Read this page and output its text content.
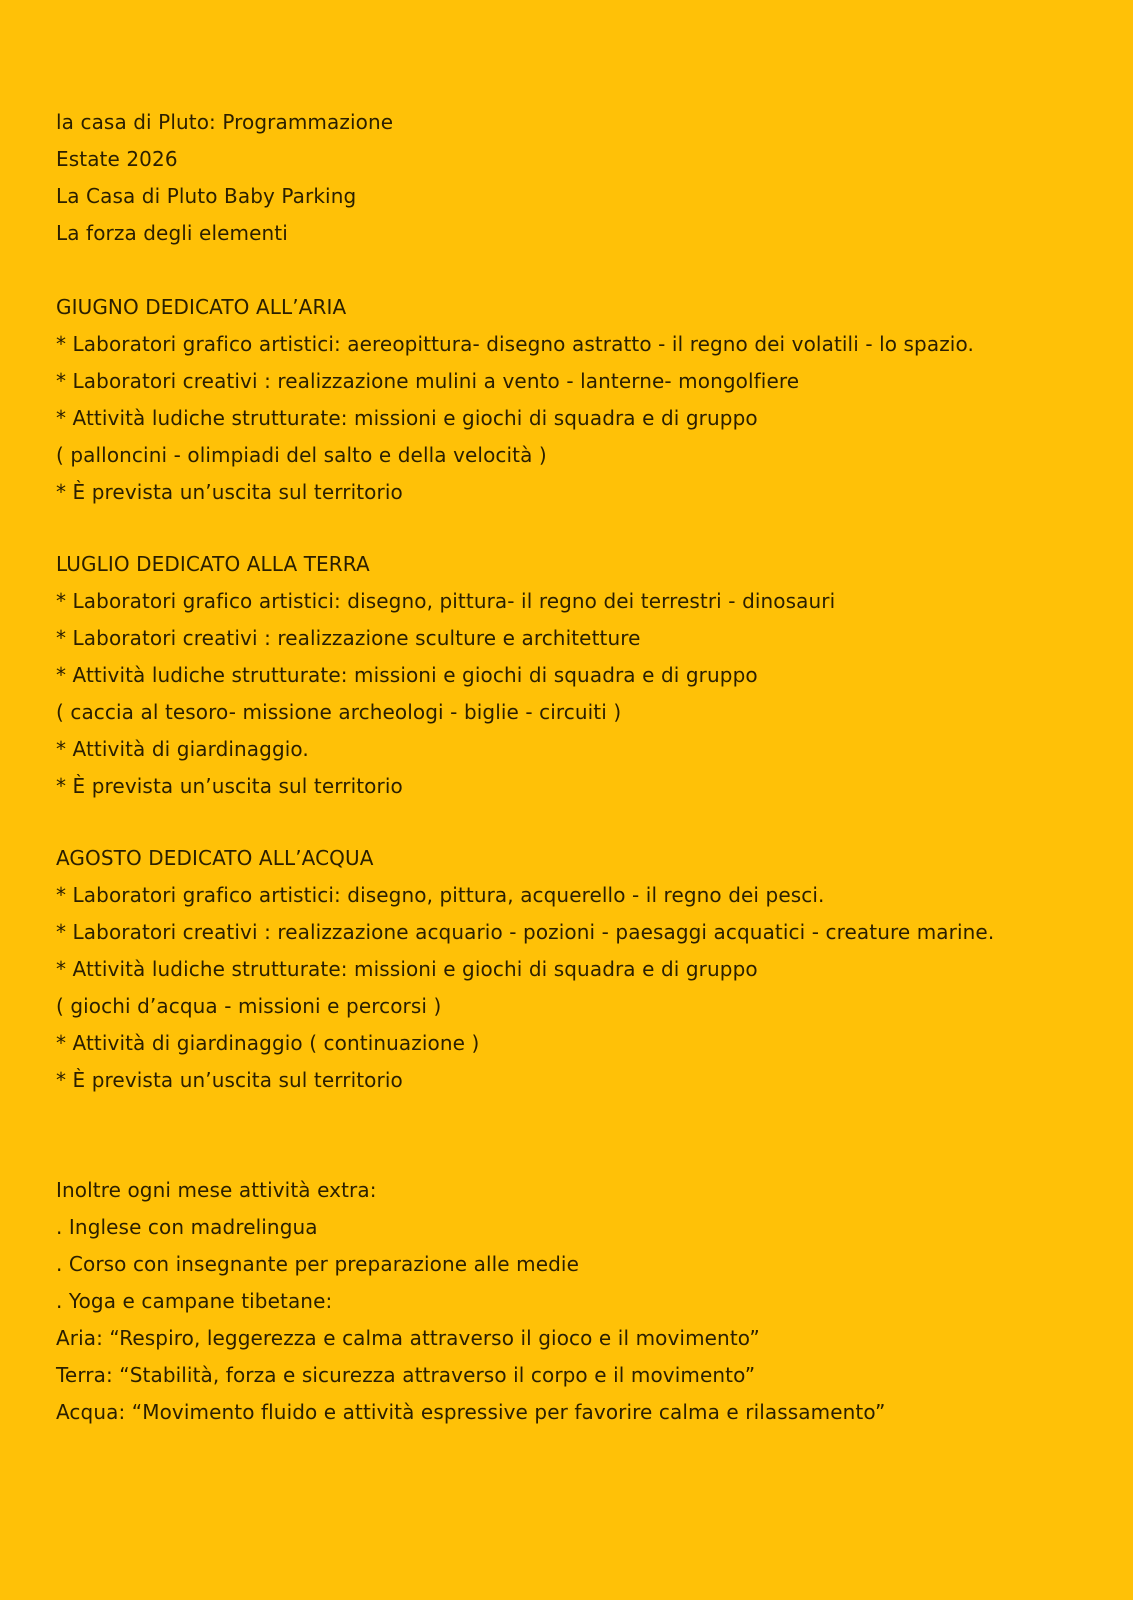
la casa di Pluto: Programmazione
Estate 2026
La Casa di Pluto Baby Parking
La forza degli elementi
GIUGNO DEDICATO ALL’ARIA
* Laboratori grafico artistici: aereopittura- disegno astratto - il regno dei volatili - lo spazio.
* Laboratori creativi : realizzazione mulini a vento - lanterne- mongolfiere
* Attività ludiche strutturate: missioni e giochi di squadra e di gruppo
( palloncini - olimpiadi del salto e della velocità )
* È prevista un’uscita sul territorio
LUGLIO DEDICATO ALLA TERRA
* Laboratori grafico artistici: disegno, pittura- il regno dei terrestri - dinosauri
* Laboratori creativi : realizzazione sculture e architetture
* Attività ludiche strutturate: missioni e giochi di squadra e di gruppo
( caccia al tesoro- missione archeologi - biglie - circuiti )
* Attività di giardinaggio.
* È prevista un’uscita sul territorio
AGOSTO DEDICATO ALL’ACQUA
* Laboratori grafico artistici: disegno, pittura, acquerello - il regno dei pesci.
* Laboratori creativi : realizzazione acquario - pozioni - paesaggi acquatici - creature marine.
* Attività ludiche strutturate: missioni e giochi di squadra e di gruppo
( giochi d’acqua - missioni e percorsi )
* Attività di giardinaggio ( continuazione )
* È prevista un’uscita sul territorio
Inoltre ogni mese attività extra:
. Inglese con madrelingua
. Corso con insegnante per preparazione alle medie
. Yoga e campane tibetane:
Aria: “Respiro, leggerezza e calma attraverso il gioco e il movimento”
Terra: “Stabilità, forza e sicurezza attraverso il corpo e il movimento”
Acqua: “Movimento fluido e attività espressive per favorire calma e rilassamento”
